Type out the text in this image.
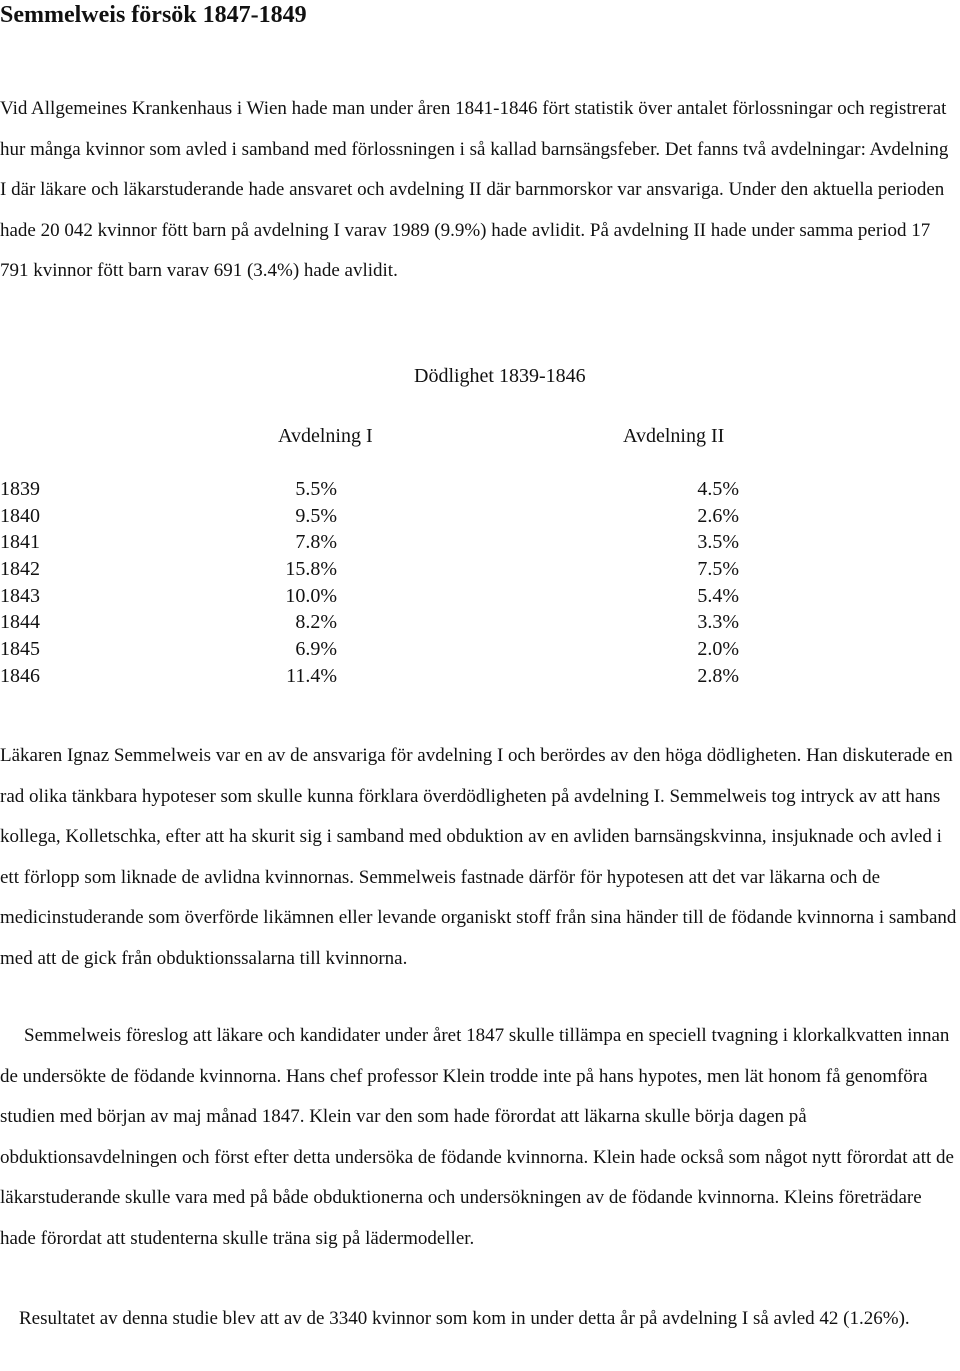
Semmelweis försök 1847-1849

Vid Allgemeines Krankenhaus i Wien hade man under åren 1841-1846 fört statistik över antalet förlossningar och registrerat hur många kvinnor som avled i samband med förlossningen i så kallad barnsängsfeber. Det fanns två avdelningar: Avdelning I där läkare och läkarstuderande hade ansvaret och avdelning II där barnmorskor var ansvariga. Under den aktuella perioden hade 20 042 kvinnor fött barn på avdelning I varav 1989 (9.9%) hade avlidit. På avdelning II hade under samma period 17 791 kvinnor fött barn varav 691 (3.4%) hade avlidit.

Dödlighet 1839-1846
Avdelning I	Avdelning II
1839	5.5%	4.5%
1840	9.5%	2.6%
1841	7.8%	3.5%
1842	15.8%	7.5%
1843	10.0%	5.4%
1844	8.2%	3.3%
1845	6.9%	2.0%
1846	11.4%	2.8%

Läkaren Ignaz Semmelweis var en av de ansvariga för avdelning I och berördes av den höga dödligheten. Han diskuterade en rad olika tänkbara hypoteser som skulle kunna förklara överdödligheten på avdelning I. Semmelweis tog intryck av att hans kollega, Kolletschka, efter att ha skurit sig i samband med obduktion av en avliden barnsängskvinna, insjuknade och avled i ett förlopp som liknade de avlidna kvinnornas. Semmelweis fastnade därför för hypotesen att det var läkarna och de medicinstuderande som överförde likämnen eller levande organiskt stoff från sina händer till de födande kvinnorna i samband med att de gick från obduktionssalarna till kvinnorna.

Semmelweis föreslog att läkare och kandidater under året 1847 skulle tillämpa en speciell tvagning i klorkalkvatten innan de undersökte de födande kvinnorna. Hans chef professor Klein trodde inte på hans hypotes, men lät honom få genomföra studien med början av maj månad 1847. Klein var den som hade förordat att läkarna skulle börja dagen på obduktionsavdelningen och först efter detta undersöka de födande kvinnorna. Klein hade också som något nytt förordat att de läkarstuderande skulle vara med på både obduktionerna och undersökningen av de födande kvinnorna. Kleins företrädare hade förordat att studenterna skulle träna sig på lädermodeller.

Resultatet av denna studie blev att av de 3340 kvinnor som kom in under detta år på avdelning I så avled 42 (1.26%).
